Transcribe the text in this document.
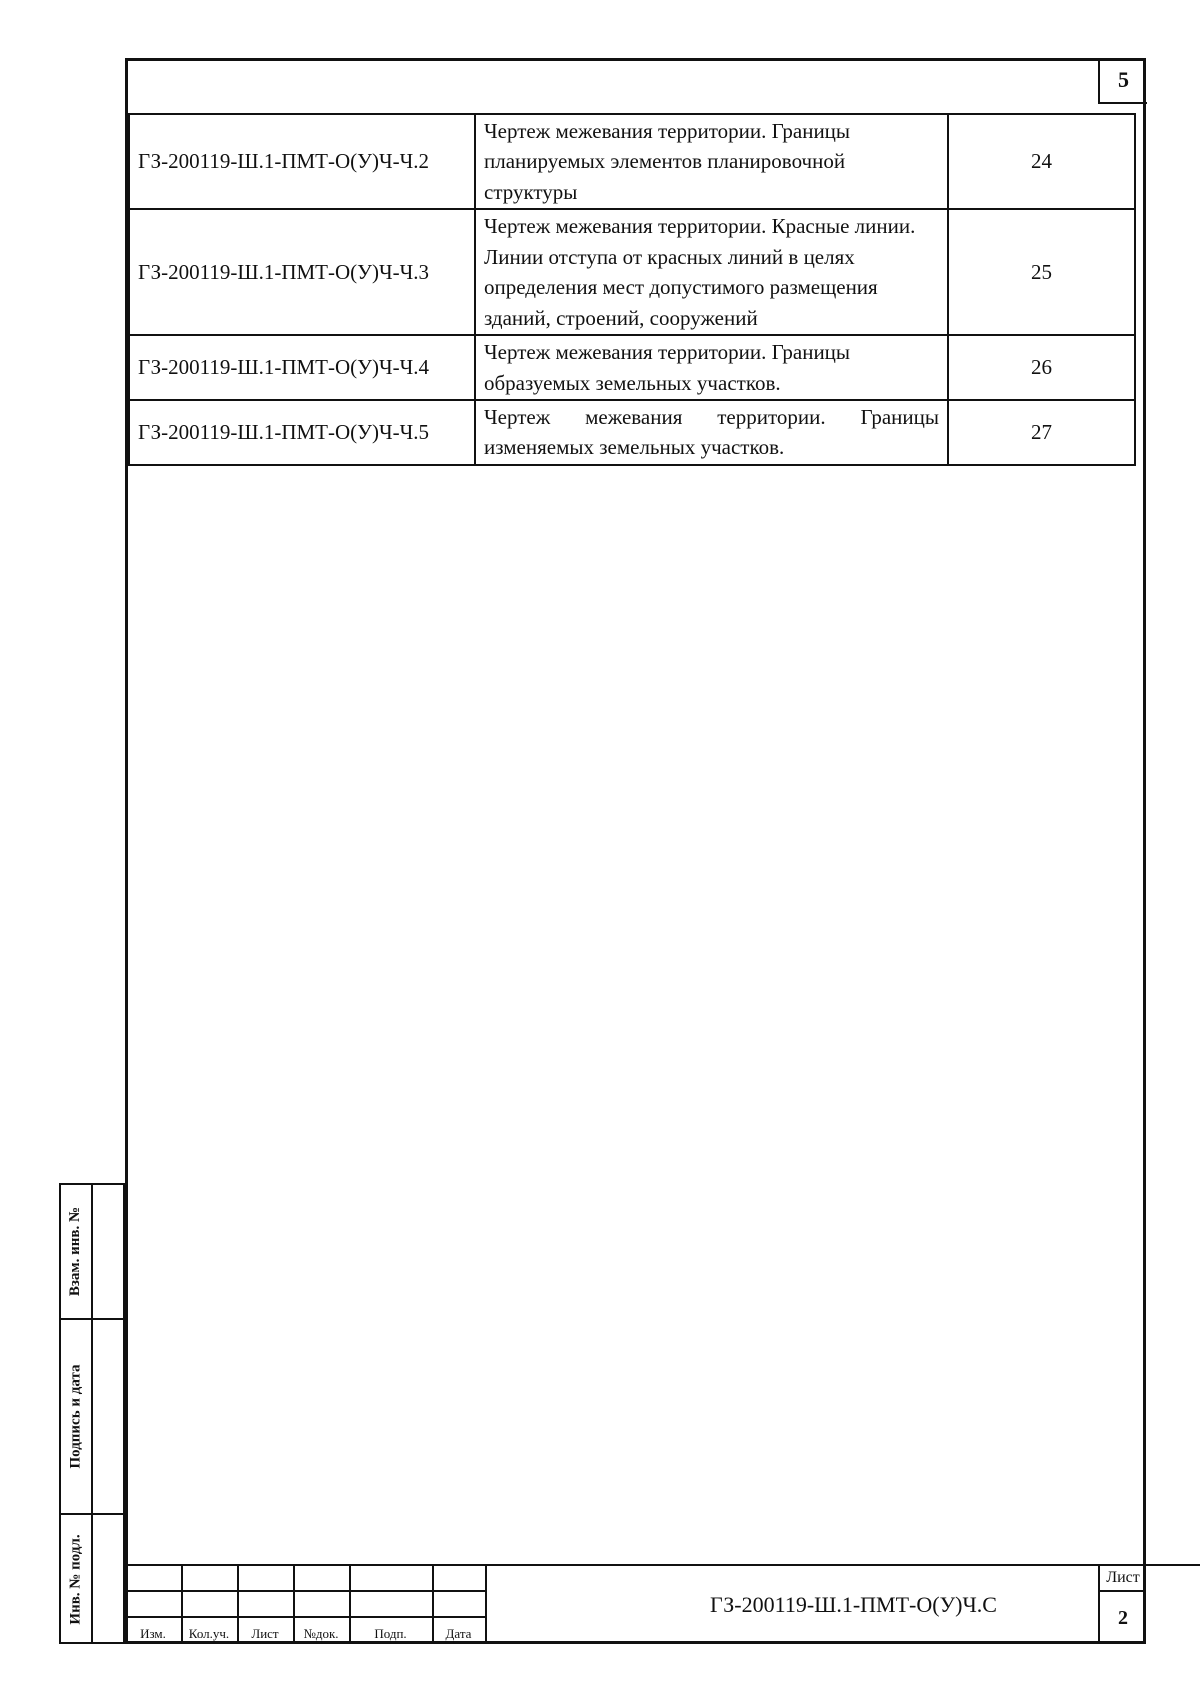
5
ГЗ-200119-Ш.1-ПМТ-О(У)Ч-Ч.2	Чертеж межевания территории. Границы планируемых элементов планировочной структуры	24
ГЗ-200119-Ш.1-ПМТ-О(У)Ч-Ч.3	Чертеж межевания территории. Красные линии. Линии отступа от красных линий в целях определения мест допустимого размещения зданий, строений, сооружений	25
ГЗ-200119-Ш.1-ПМТ-О(У)Ч-Ч.4	Чертеж межевания территории. Границы образуемых земельных участков.	26
ГЗ-200119-Ш.1-ПМТ-О(У)Ч-Ч.5	Чертеж межевания территории. Границы изменяемых земельных участков.	27
Взам. инв. №
Подпись и дата
Инв. № подл.
Изм.	Кол.уч.	Лист	№док.	Подп.	Дата
ГЗ-200119-Ш.1-ПМТ-О(У)Ч.С
Лист
2
